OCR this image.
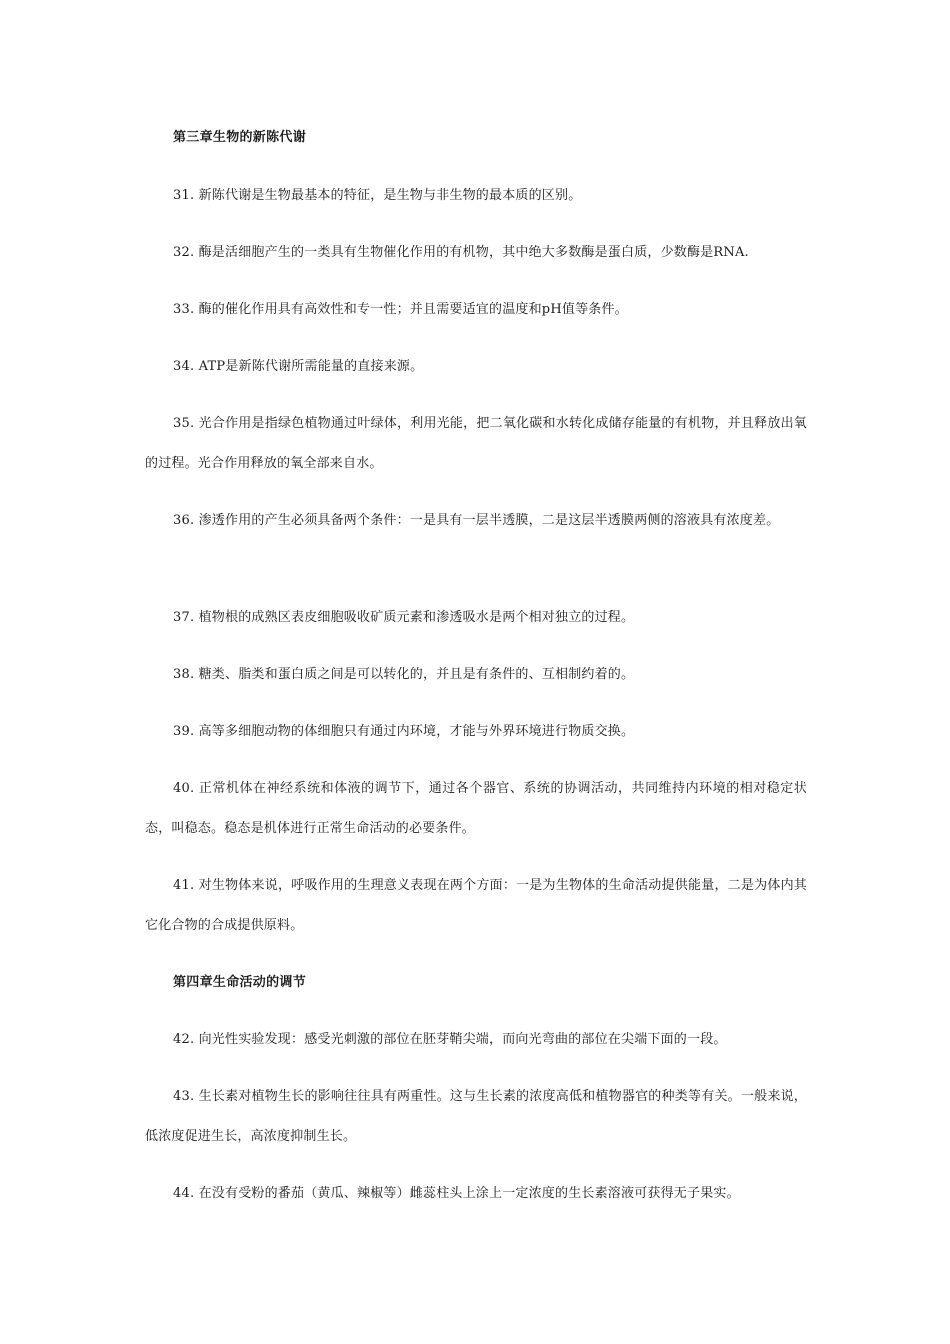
第三章生物的新陈代谢
31. 新陈代谢是生物最基本的特征，是生物与非生物的最本质的区别。
32. 酶是活细胞产生的一类具有生物催化作用的有机物，其中绝大多数酶是蛋白质，少数酶是RNA.
33. 酶的催化作用具有高效性和专一性；并且需要适宜的温度和pH值等条件。
34. ATP是新陈代谢所需能量的直接来源。
35. 光合作用是指绿色植物通过叶绿体，利用光能，把二氧化碳和水转化成储存能量的有机物，并且释放出氧的过程。光合作用释放的氧全部来自水。
36. 渗透作用的产生必须具备两个条件：一是具有一层半透膜，二是这层半透膜两侧的溶液具有浓度差。
37. 植物根的成熟区表皮细胞吸收矿质元素和渗透吸水是两个相对独立的过程。
38. 糖类、脂类和蛋白质之间是可以转化的，并且是有条件的、互相制约着的。
39. 高等多细胞动物的体细胞只有通过内环境，才能与外界环境进行物质交换。
40. 正常机体在神经系统和体液的调节下，通过各个器官、系统的协调活动，共同维持内环境的相对稳定状态，叫稳态。稳态是机体进行正常生命活动的必要条件。
41. 对生物体来说，呼吸作用的生理意义表现在两个方面：一是为生物体的生命活动提供能量，二是为体内其它化合物的合成提供原料。
第四章生命活动的调节
42. 向光性实验发现：感受光刺激的部位在胚芽鞘尖端，而向光弯曲的部位在尖端下面的一段。
43. 生长素对植物生长的影响往往具有两重性。这与生长素的浓度高低和植物器官的种类等有关。一般来说，低浓度促进生长，高浓度抑制生长。
44. 在没有受粉的番茄（黄瓜、辣椒等）雌蕊柱头上涂上一定浓度的生长素溶液可获得无子果实。
